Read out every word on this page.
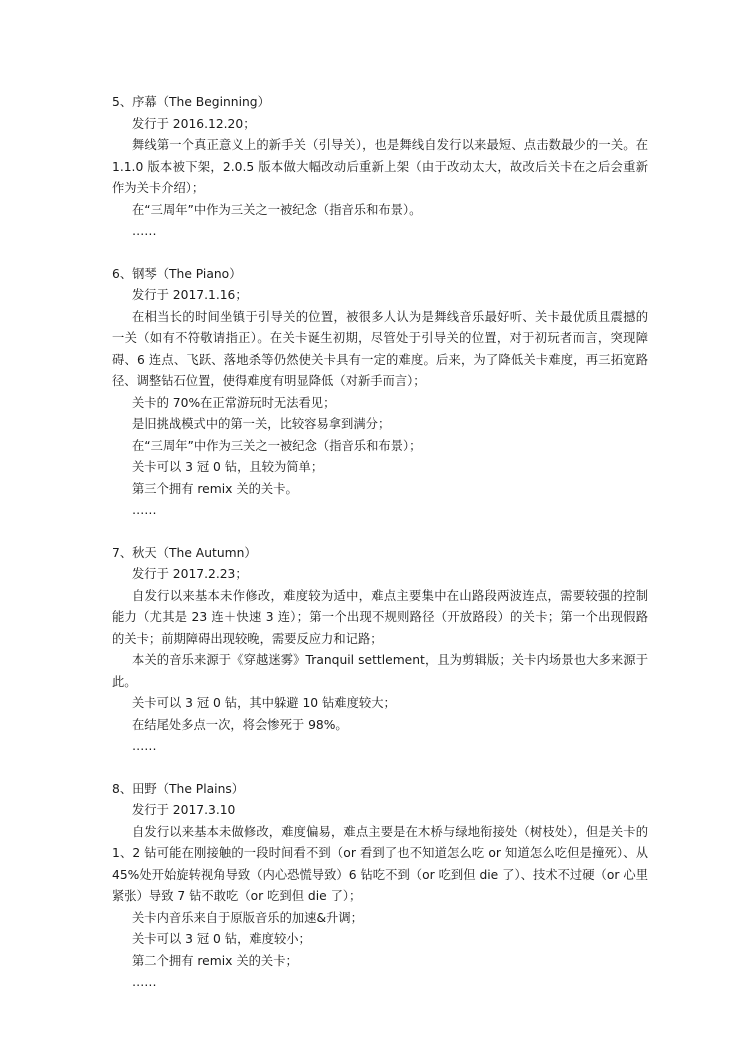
5、序幕（The Beginning）
发行于 2016.12.20；
舞线第一个真正意义上的新手关（引导关），也是舞线自发行以来最短、点击数最少的一关。在 1.1.0 版本被下架，2.0.5 版本做大幅改动后重新上架（由于改动太大，故改后关卡在之后会重新作为关卡介绍）；
在“三周年”中作为三关之一被纪念（指音乐和布景）。
……
6、钢琴（The Piano）
发行于 2017.1.16；
在相当长的时间坐镇于引导关的位置，被很多人认为是舞线音乐最好听、关卡最优质且震撼的一关（如有不符敬请指正）。在关卡诞生初期，尽管处于引导关的位置，对于初玩者而言，突现障碍、6 连点、飞跃、落地杀等仍然使关卡具有一定的难度。后来，为了降低关卡难度，再三拓宽路径、调整钻石位置，使得难度有明显降低（对新手而言）；
关卡的 70%在正常游玩时无法看见；
是旧挑战模式中的第一关，比较容易拿到满分；
在“三周年”中作为三关之一被纪念（指音乐和布景）；
关卡可以 3 冠 0 钻，且较为简单；
第三个拥有 remix 关的关卡。
……
7、秋天（The Autumn）
发行于 2017.2.23；
自发行以来基本未作修改，难度较为适中，难点主要集中在山路段两波连点，需要较强的控制能力（尤其是 23 连＋快速 3 连）；第一个出现不规则路径（开放路段）的关卡；第一个出现假路的关卡；前期障碍出现较晚，需要反应力和记路；
本关的音乐来源于《穿越迷雾》Tranquil settlement，且为剪辑版；关卡内场景也大多来源于此。
关卡可以 3 冠 0 钻，其中躲避 10 钻难度较大；
在结尾处多点一次，将会惨死于 98%。
……
8、田野（The Plains）
发行于 2017.3.10
自发行以来基本未做修改，难度偏易，难点主要是在木桥与绿地衔接处（树枝处），但是关卡的 1、2 钻可能在刚接触的一段时间看不到（or 看到了也不知道怎么吃 or 知道怎么吃但是撞死）、从 45%处开始旋转视角导致（内心恐慌导致）6 钻吃不到（or 吃到但 die 了）、技术不过硬（or 心里紧张）导致 7 钻不敢吃（or 吃到但 die 了）；
关卡内音乐来自于原版音乐的加速&升调；
关卡可以 3 冠 0 钻，难度较小；
第二个拥有 remix 关的关卡；
……
